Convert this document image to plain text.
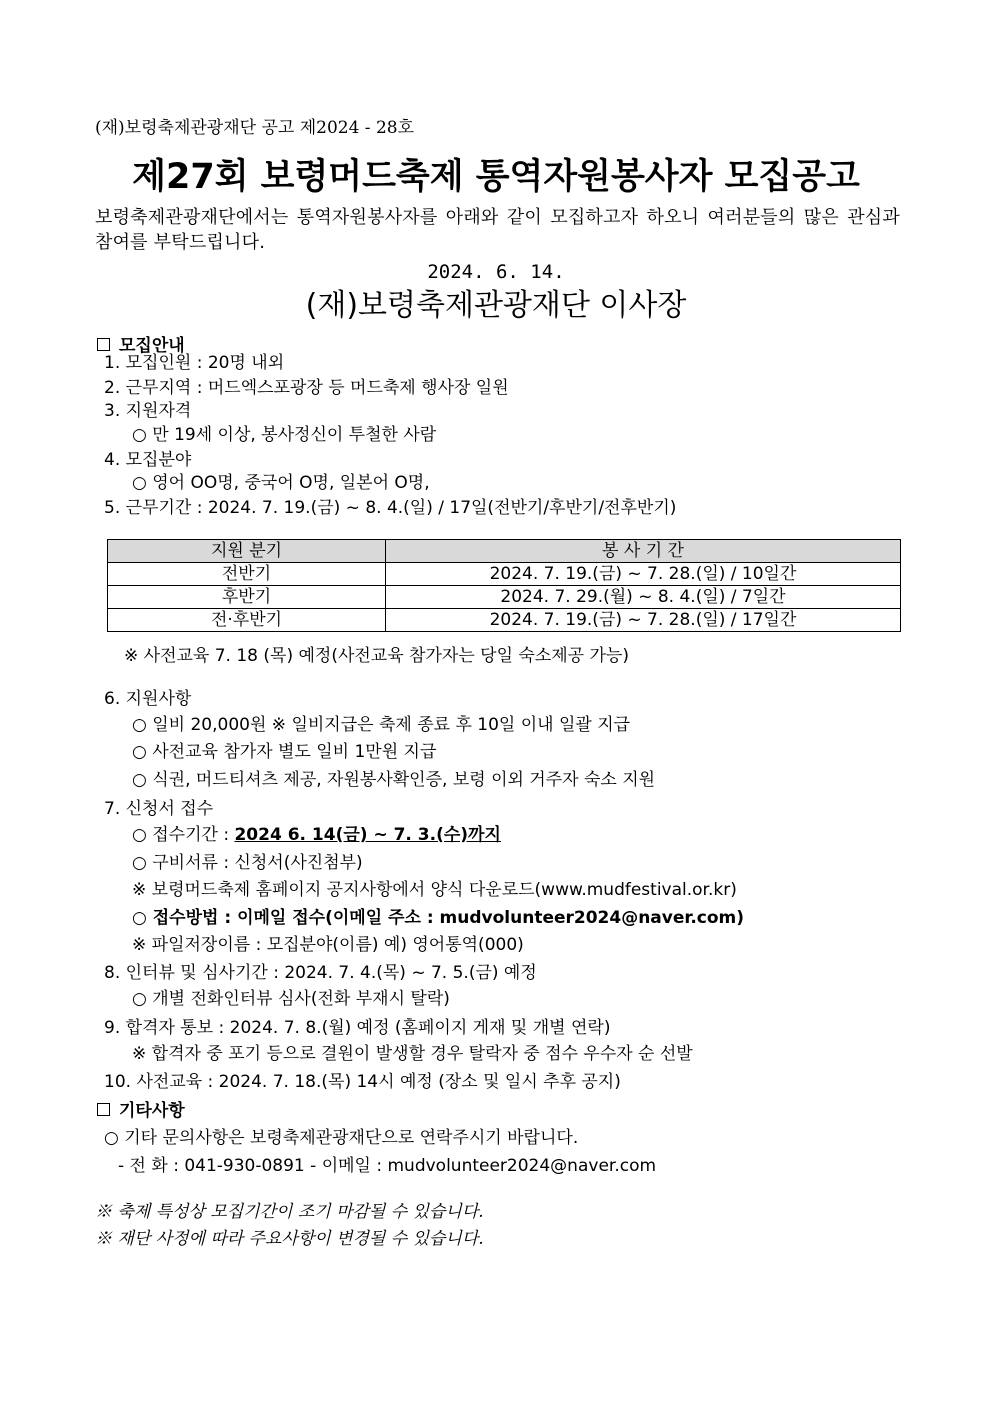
(재)보령축제관광재단 공고 제2024 - 28호
제27회 보령머드축제 통역자원봉사자 모집공고
보령축제관광재단에서는 통역자원봉사자를 아래와 같이 모집하고자 하오니 여러분들의 많은 관심과 참여를 부탁드립니다.
2024. 6. 14.
(재)보령축제관광재단 이사장
모집안내
1. 모집인원 : 20명 내외
2. 근무지역 : 머드엑스포광장 등 머드축제 행사장 일원
3. 지원자격
○ 만 19세 이상, 봉사정신이 투철한 사람
4. 모집분야
○ 영어 OO명, 중국어 O명, 일본어 O명,
5. 근무기간 : 2024. 7. 19.(금) ~ 8. 4.(일) / 17일(전반기/후반기/전후반기)
지원 분기	봉 사 기 간
전반기	2024. 7. 19.(금) ~ 7. 28.(일) / 10일간
후반기	2024. 7. 29.(월) ~ 8. 4.(일) / 7일간
전·후반기	2024. 7. 19.(금) ~ 7. 28.(일) / 17일간
※ 사전교육 7. 18 (목) 예정(사전교육 참가자는 당일 숙소제공 가능)
6. 지원사항
○ 일비 20,000원 ※ 일비지급은 축제 종료 후 10일 이내 일괄 지급
○ 사전교육 참가자 별도 일비 1만원 지급
○ 식권, 머드티셔츠 제공, 자원봉사확인증, 보령 이외 거주자 숙소 지원
7. 신청서 접수
○ 접수기간 : 2024 6. 14(금) ~ 7. 3.(수)까지
○ 구비서류 : 신청서(사진첨부)
※ 보령머드축제 홈페이지 공지사항에서 양식 다운로드(www.mudfestival.or.kr)
○ 접수방법 : 이메일 접수(이메일 주소 : mudvolunteer2024@naver.com)
※ 파일저장이름 : 모집분야(이름) 예) 영어통역(000)
8. 인터뷰 및 심사기간 : 2024. 7. 4.(목) ~ 7. 5.(금) 예정
○ 개별 전화인터뷰 심사(전화 부재시 탈락)
9. 합격자 통보 : 2024. 7. 8.(월) 예정 (홈페이지 게재 및 개별 연락)
※ 합격자 중 포기 등으로 결원이 발생할 경우 탈락자 중 점수 우수자 순 선발
10. 사전교육 : 2024. 7. 18.(목) 14시 예정 (장소 및 일시 추후 공지)
기타사항
○ 기타 문의사항은 보령축제관광재단으로 연락주시기 바랍니다.
- 전 화 : 041-930-0891 - 이메일 : mudvolunteer2024@naver.com
※ 축제 특성상 모집기간이 조기 마감될 수 있습니다.
※ 재단 사정에 따라 주요사항이 변경될 수 있습니다.
